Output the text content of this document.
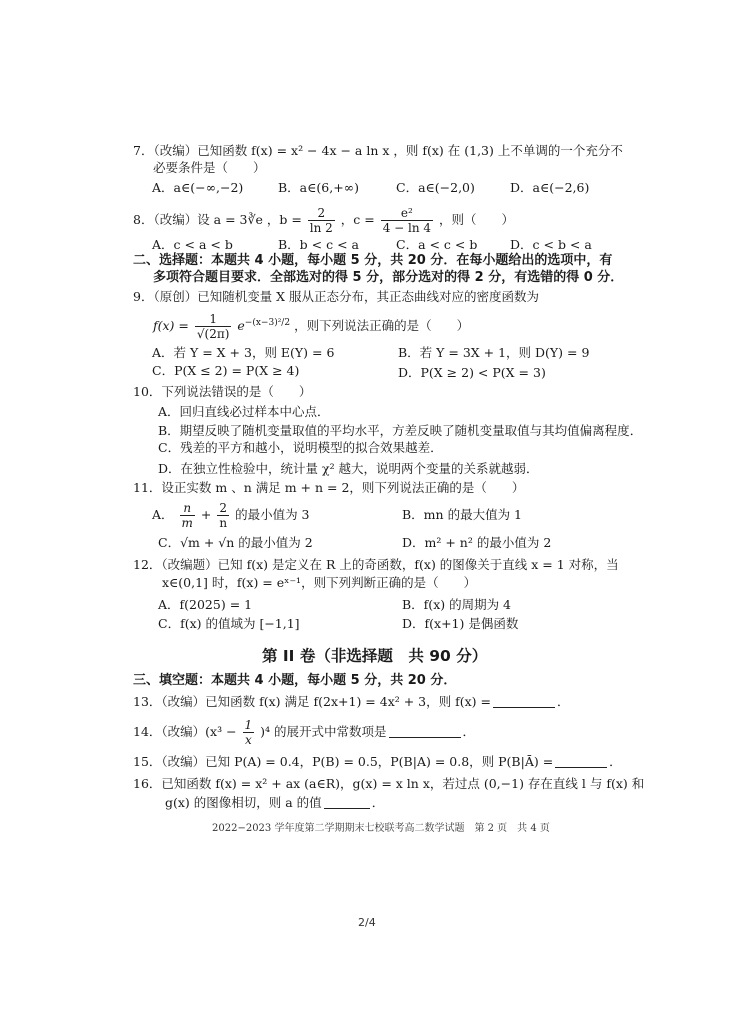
7．（改编）已知函数 f(x) = x² − 4x − a ln x ，则 f(x) 在 (1,3) 上不单调的一个充分不
必要条件是（　　）
A．a∈(−∞,−2)	B．a∈(6,+∞)	C．a∈(−2,0)	D．a∈(−2,6)
8．（改编）设 a = 3∛e ，$b = \frac{2}{\ln 2}$ ，$c = \frac{\text{e²}}{4 - \ln 4}$ ，则（　　）
A．c < a < b	B．b < c < a	C．a < c < b	D．c < b < a
二、选择题：本题共 4 小题，每小题 5 分，共 20 分．在每小题给出的选项中，有
多项符合题目要求．全部选对的得 5 分，部分选对的得 2 分，有选错的得 0 分．
9．（原创）已知随机变量 X 服从正态分布，其正态曲线对应的密度函数为
$f(x) = \frac{1}{√(2\pi)} e^{-(x-3)^2/2}$ ，则下列说法正确的是（　　）
A．若 Y = X + 3，则 E(Y) = 6	B．若 Y = 3X + 1，则 D(Y) = 9
C．P(X ≤ 2) = P(X ≥ 4)	D．P(X ≥ 2) < P(X = 3)
10．下列说法错误的是（　　）
A．回归直线必过样本中心点．
B．期望反映了随机变量取值的平均水平，方差反映了随机变量取值与其均值偏离程度．
C．残差的平方和越小，说明模型的拟合效果越差．
D．在独立性检验中，统计量 χ² 越大，说明两个变量的关系就越弱．
11．设正实数 m 、n 满足 m + n = 2，则下列说法正确的是（　　）
A． $\frac{n}{m} + \frac{2}{n}$ 的最小值为 3	B．mn 的最大值为 1
C．√m + √n 的最小值为 2	D．m² + n² 的最小值为 2
12．（改编题）已知 f(x) 是定义在 R 上的奇函数，f(x) 的图像关于直线 x = 1 对称，当
x∈(0,1] 时，f(x) = eˣ⁻¹，则下列判断正确的是（　　）
A．f(2025) = 1	B．f(x) 的周期为 4
C．f(x) 的值域为 [−1,1]	D．f(x+1) 是偶函数
第 II 卷（非选择题　共 90 分）
三、填空题：本题共 4 小题，每小题 5 分，共 20 分．
13．（改编）已知函数 f(x) 满足 f(2x+1) = 4x² + 3，则 f(x) =	．
14．（改编）$(x^3 - \frac{1}{x} )^4$ 的展开式中常数项是	．
15．（改编）已知 P(A) = 0.4，P(B) = 0.5，P(B|A) = 0.8，则 P(B|Ā) =	．
16．已知函数 f(x) = x² + ax (a∈R)，g(x) = x ln x，若过点 (0,−1) 存在直线 l 与 f(x) 和
g(x) 的图像相切，则 a 的值	．
2022−2023 学年度第二学期期末七校联考高二数学试题　第 2 页　共 4 页
2/4
